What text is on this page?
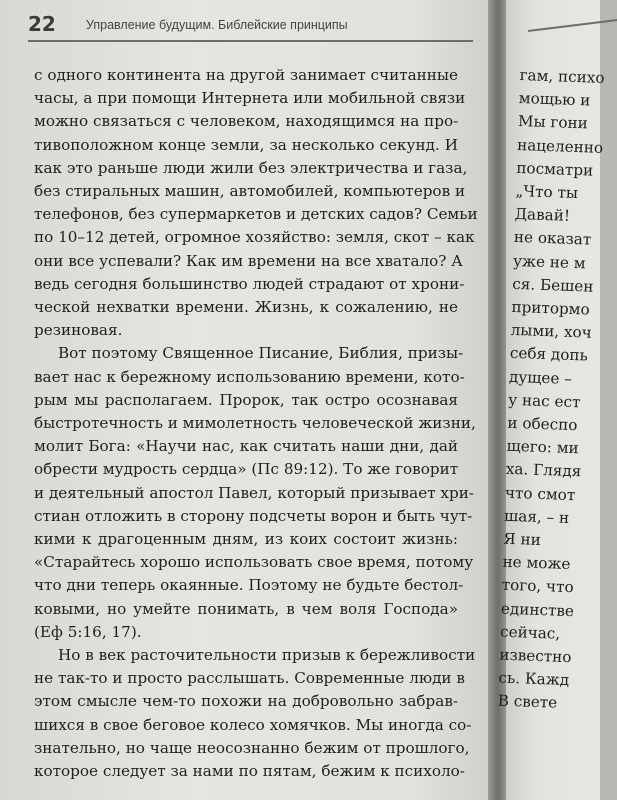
22 Управление будущим. Библейские принципы
с одного континента на другой занимает считанные
часы, а при помощи Интернета или мобильной связи
можно связаться с человеком, находящимся на про-
тивоположном конце земли, за несколько секунд. И
как это раньше люди жили без электричества и газа,
без стиральных машин, автомобилей, компьютеров и
телефонов, без супермаркетов и детских садов? Семьи
по 10–12 детей, огромное хозяйство: земля, скот – как
они все успевали? Как им времени на все хватало? А
ведь сегодня большинство людей страдают от хрони-
ческой нехватки времени. Жизнь, к сожалению, не
резиновая.
Вот поэтому Священное Писание, Библия, призы-
вает нас к бережному использованию времени, кото-
рым мы располагаем. Пророк, так остро осознавая
быстротечность и мимолетность человеческой жизни,
молит Бога: «Научи нас, как считать наши дни, дай
обрести мудрость сердца» (Пс 89:12). То же говорит
и деятельный апостол Павел, который призывает хри-
стиан отложить в сторону подсчеты ворон и быть чут-
кими к драгоценным дням, из коих состоит жизнь:
«Старайтесь хорошо использовать свое время, потому
что дни теперь окаянные. Поэтому не будьте бестол-
ковыми, но умейте понимать, в чем воля Господа»
(Еф 5:16, 17).
Но в век расточительности призыв к бережливости
не так-то и просто расслышать. Современные люди в
этом смысле чем-то похожи на добровольно забрав-
шихся в свое беговое колесо хомячков. Мы иногда со-
знательно, но чаще неосознанно бежим от прошлого,
которое следует за нами по пятам, бежим к психоло-
гам, психо
мощью и
Мы гони
нацеленно
посматри
„Что ты
Давай!
не оказат
уже не м
ся. Бешен
притормо
лыми, хоч
себя допь
дущее –
у нас ест
и обеспо
щего: ми
ха. Глядя
что смот
шая, – н
Я ни
не може
того, что
единстве
сейчас,
известно
сь. Кажд
В свете
